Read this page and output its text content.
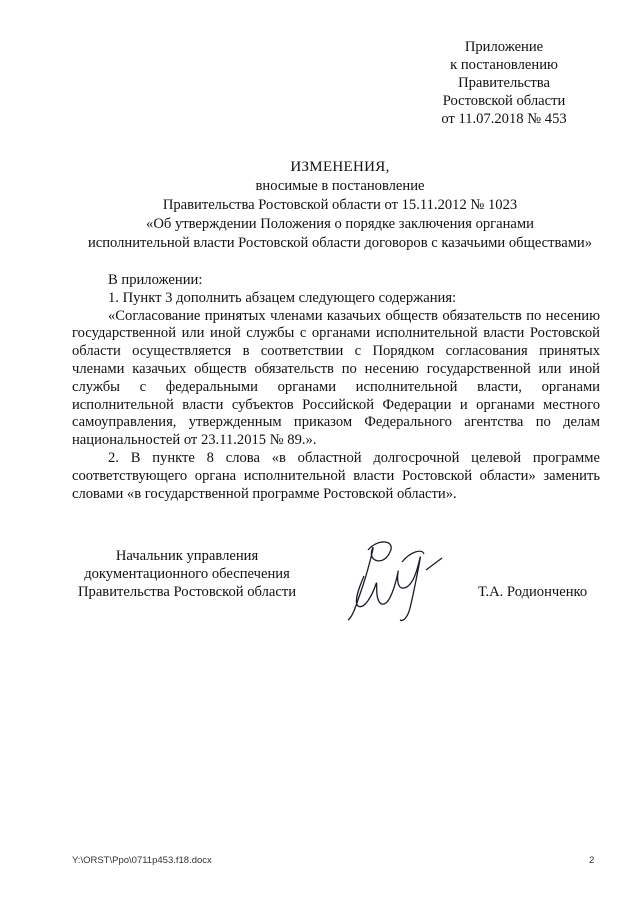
Приложение
к постановлению
Правительства
Ростовской области
от 11.07.2018 № 453
ИЗМЕНЕНИЯ,
вносимые в постановление
Правительства Ростовской области от 15.11.2012 № 1023
«Об утверждении Положения о порядке заключения органами
исполнительной власти Ростовской области договоров с казачьими обществами»

В приложении:

1. Пункт 3 дополнить абзацем следующего содержания:

«Согласование принятых членами казачьих обществ обязательств по несению государственной или иной службы с органами исполнительной власти Ростовской области осуществляется в соответствии с Порядком согласования принятых членами казачьих обществ обязательств по несению государственной или иной службы с федеральными органами исполнительной власти, органами исполнительной власти субъектов Российской Федерации и органами местного самоуправления, утвержденным приказом Федерального агентства по делам национальностей от 23.11.2015 № 89.».

2. В пункте 8 слова «в областной долгосрочной целевой программе соответствующего органа исполнительной власти Ростовской области» заменить словами «в государственной программе Ростовской области».

Начальник управления
документационного обеспечения
Правительства Ростовской области	Т.А. Родионченко
Y:\ORST\Ppo\0711p453.f18.docx	2
